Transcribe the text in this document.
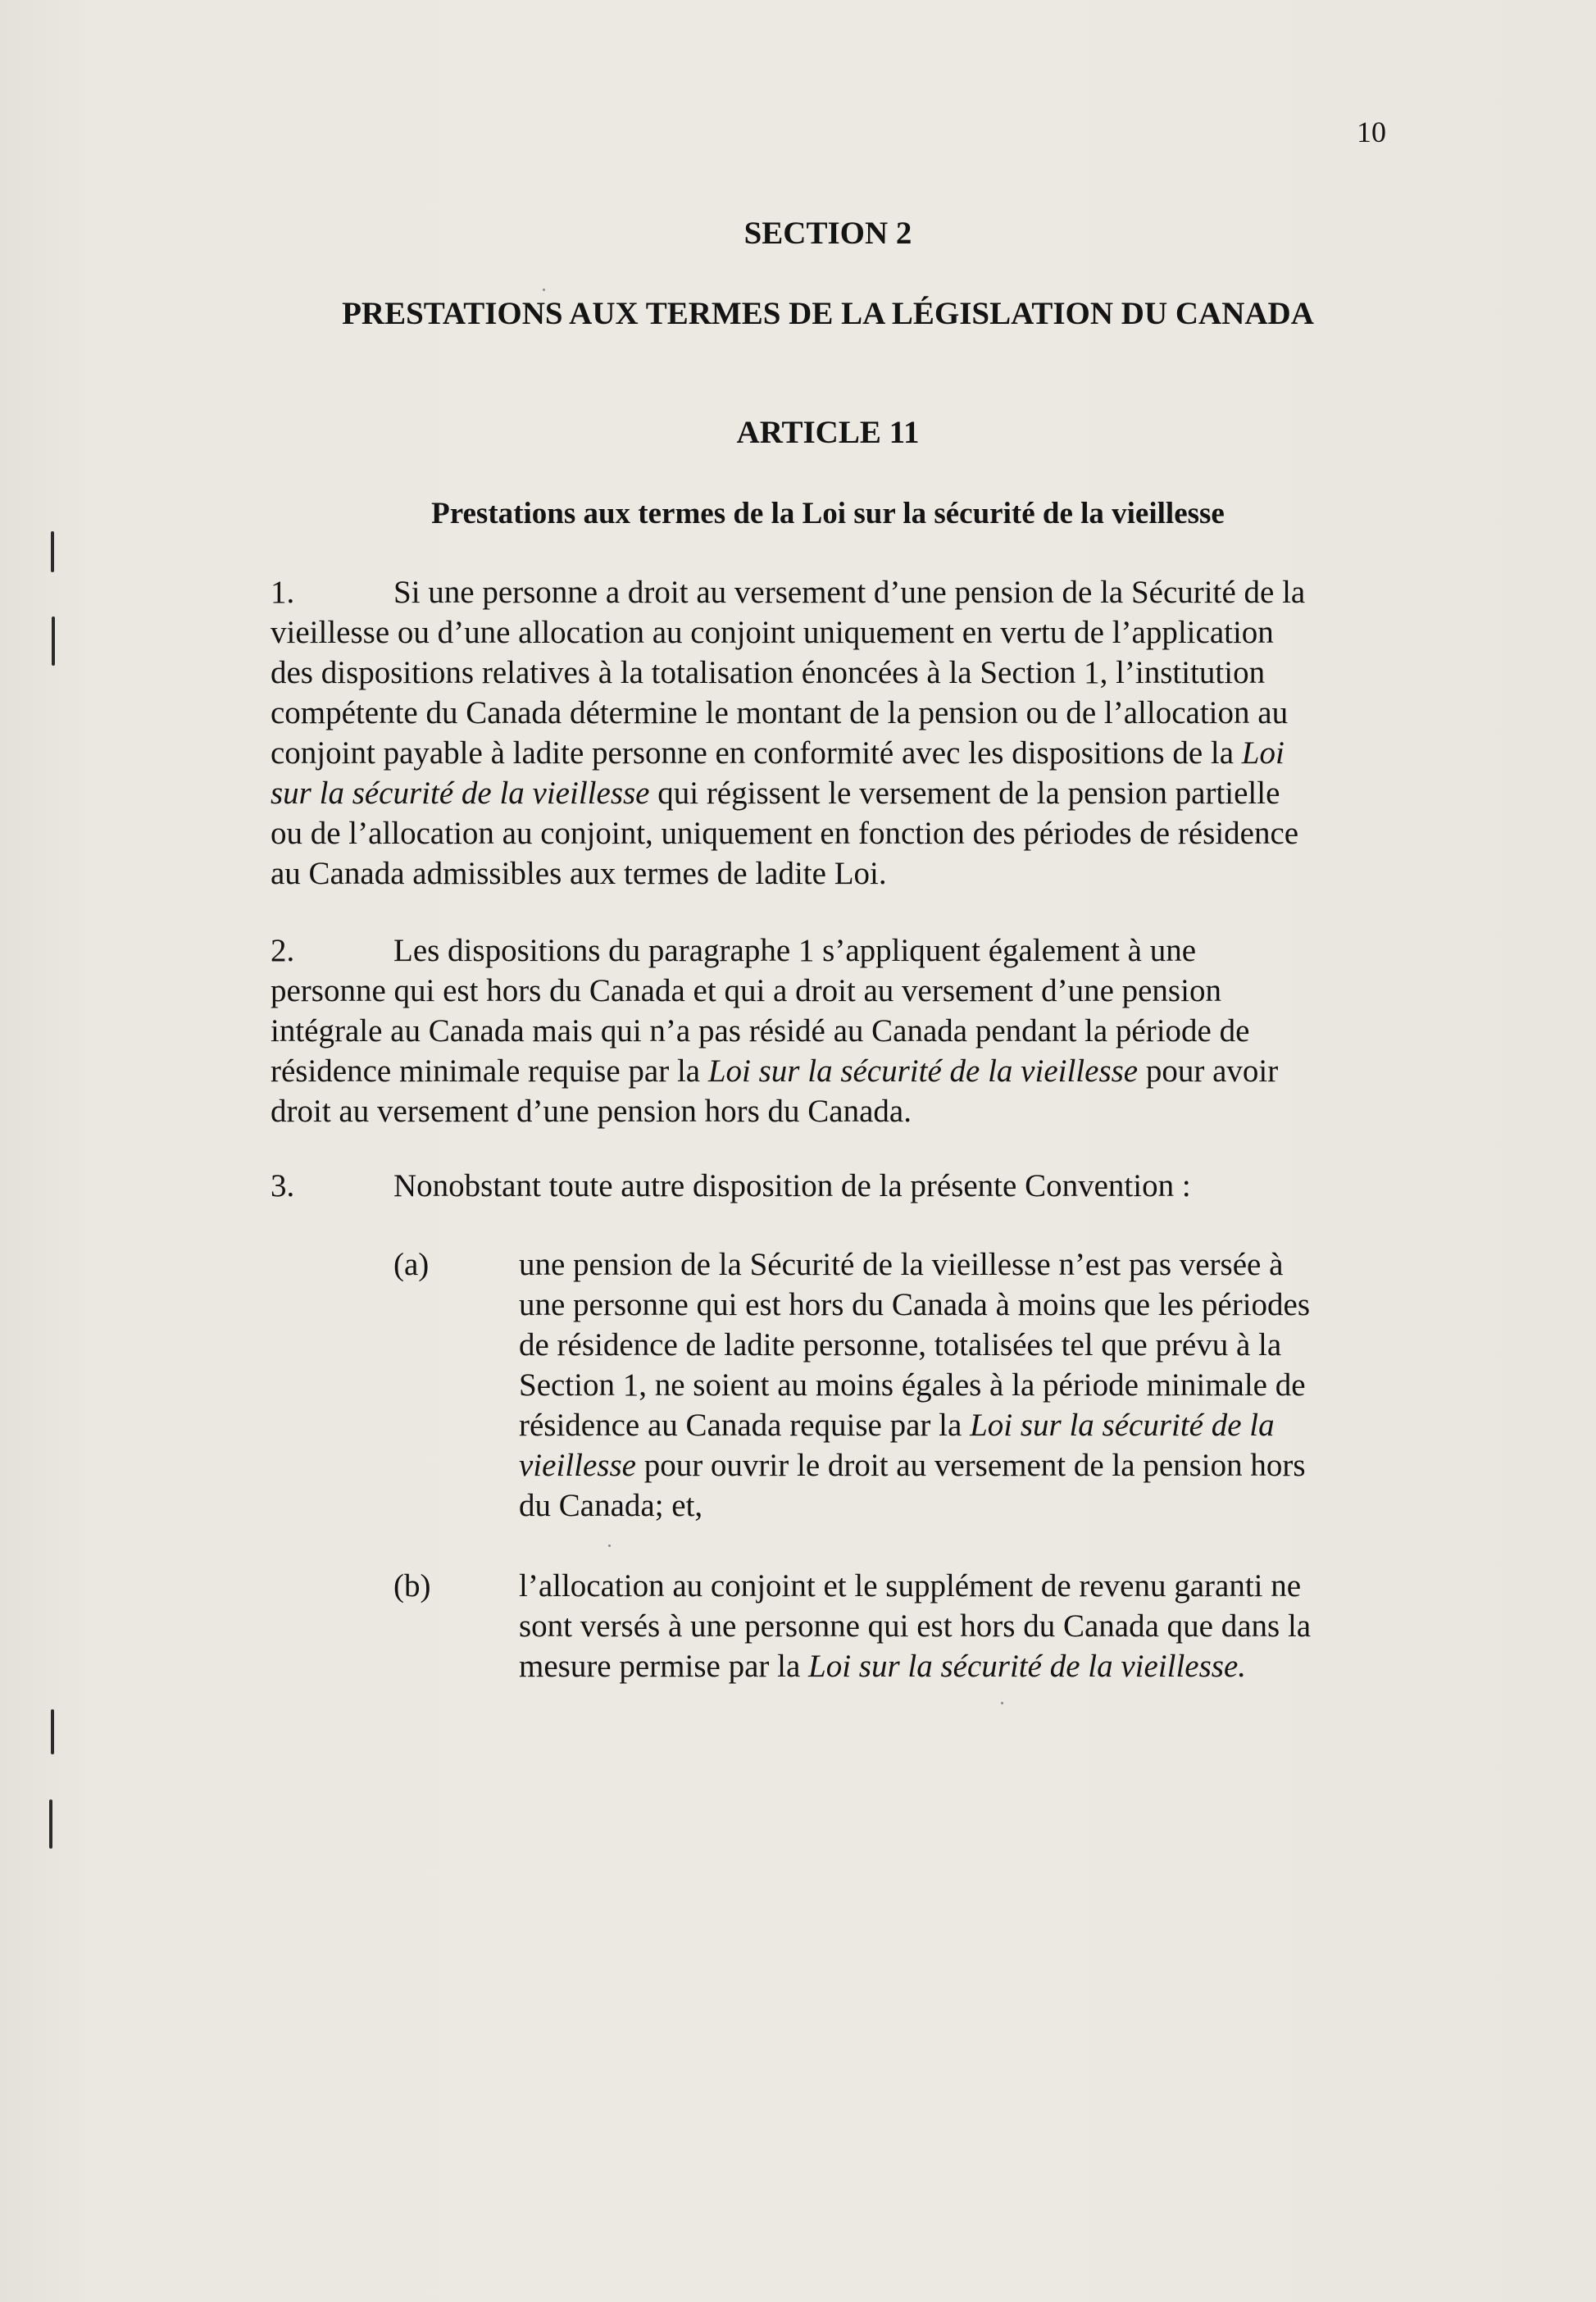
10
SECTION 2
PRESTATIONS AUX TERMES DE LA LÉGISLATION DU CANADA
ARTICLE 11
Prestations aux termes de la Loi sur la sécurité de la vieillesse
1.	Si une personne a droit au versement d’une pension de la Sécurité de la
vieillesse ou d’une allocation au conjoint uniquement en vertu de l’application
des dispositions relatives à la totalisation énoncées à la Section 1, l’institution
compétente du Canada détermine le montant de la pension ou de l’allocation au
conjoint payable à ladite personne en conformité avec les dispositions de la Loi
sur la sécurité de la vieillesse qui régissent le versement de la pension partielle
ou de l’allocation au conjoint, uniquement en fonction des périodes de résidence
au Canada admissibles aux termes de ladite Loi.
2.	Les dispositions du paragraphe 1 s’appliquent également à une
personne qui est hors du Canada et qui a droit au versement d’une pension
intégrale au Canada mais qui n’a pas résidé au Canada pendant la période de
résidence minimale requise par la Loi sur la sécurité de la vieillesse pour avoir
droit au versement d’une pension hors du Canada.
3.	Nonobstant toute autre disposition de la présente Convention :
(a)	une pension de la Sécurité de la vieillesse n’est pas versée à
une personne qui est hors du Canada à moins que les périodes
de résidence de ladite personne, totalisées tel que prévu à la
Section 1, ne soient au moins égales à la période minimale de
résidence au Canada requise par la Loi sur la sécurité de la
vieillesse pour ouvrir le droit au versement de la pension hors
du Canada; et,
(b)	l’allocation au conjoint et le supplément de revenu garanti ne
sont versés à une personne qui est hors du Canada que dans la
mesure permise par la Loi sur la sécurité de la vieillesse.
